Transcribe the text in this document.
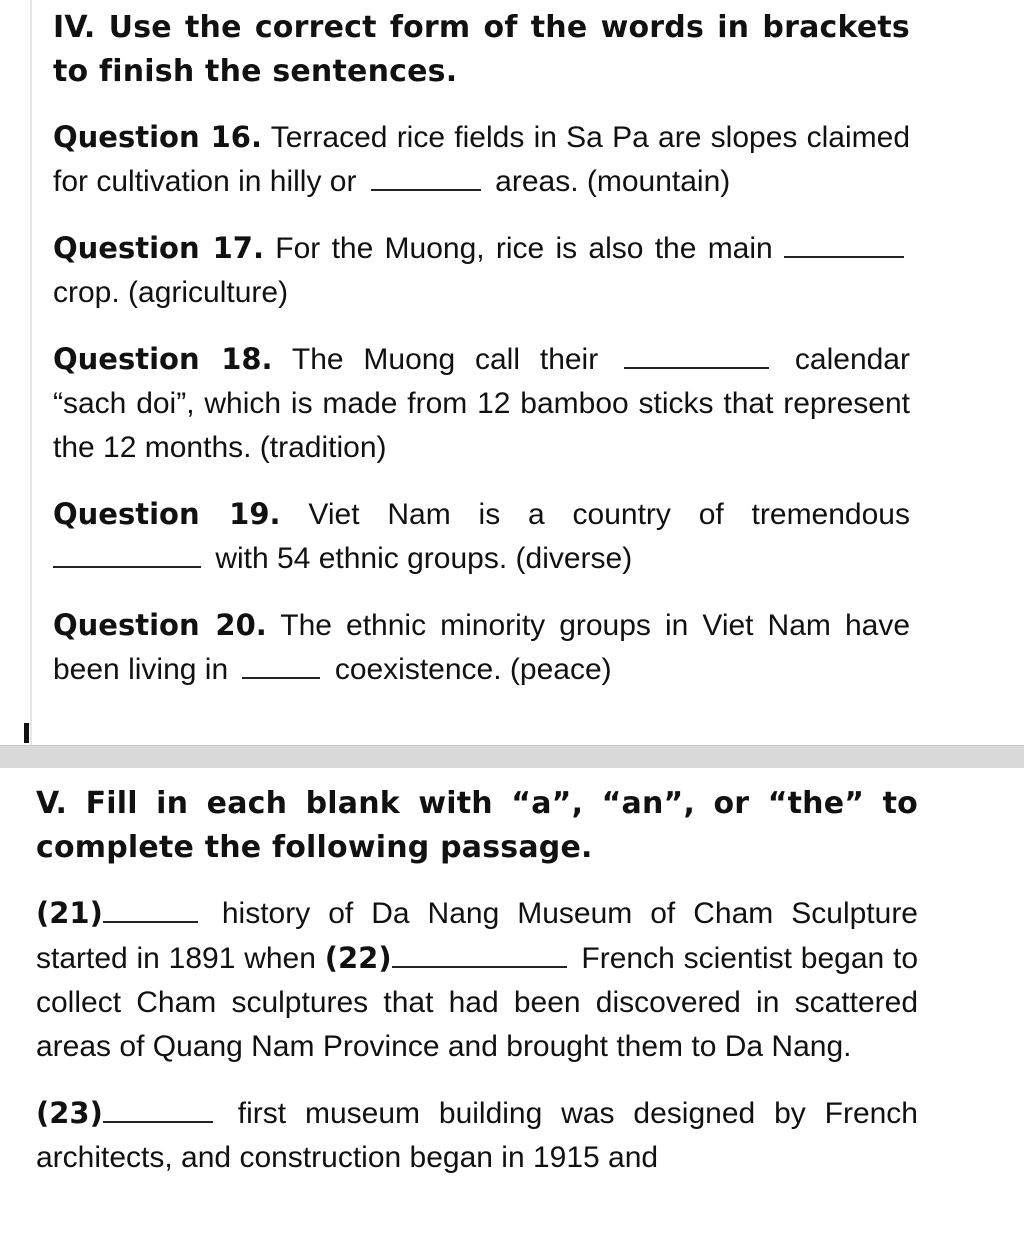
IV. Use the correct form of the words in brackets to finish the sentences.

Question 16. Terraced rice fields in Sa Pa are slopes claimed for cultivation in hilly or	areas. (mountain)

Question 17. For the Muong, rice is also the main  crop. (agriculture)

Question 18. The Muong call their	calendar “sach doi”, which is made from 12 bamboo sticks that represent the 12 months. (tradition)

Question 19. Viet Nam is a country of tremendous  with 54 ethnic groups. (diverse)

Question 20. The ethnic minority groups in Viet Nam have been living in	coexistence. (peace)

V. Fill in each blank with “a”, “an”, or “the” to complete the following passage.

(21)	history of Da Nang Museum of Cham Sculpture started in 1891 when (22)	French scientist began to collect Cham sculptures that had been discovered in scattered areas of Quang Nam Province and brought them to Da Nang.

(23)	first museum building was designed by French architects, and construction began in 1915 and
